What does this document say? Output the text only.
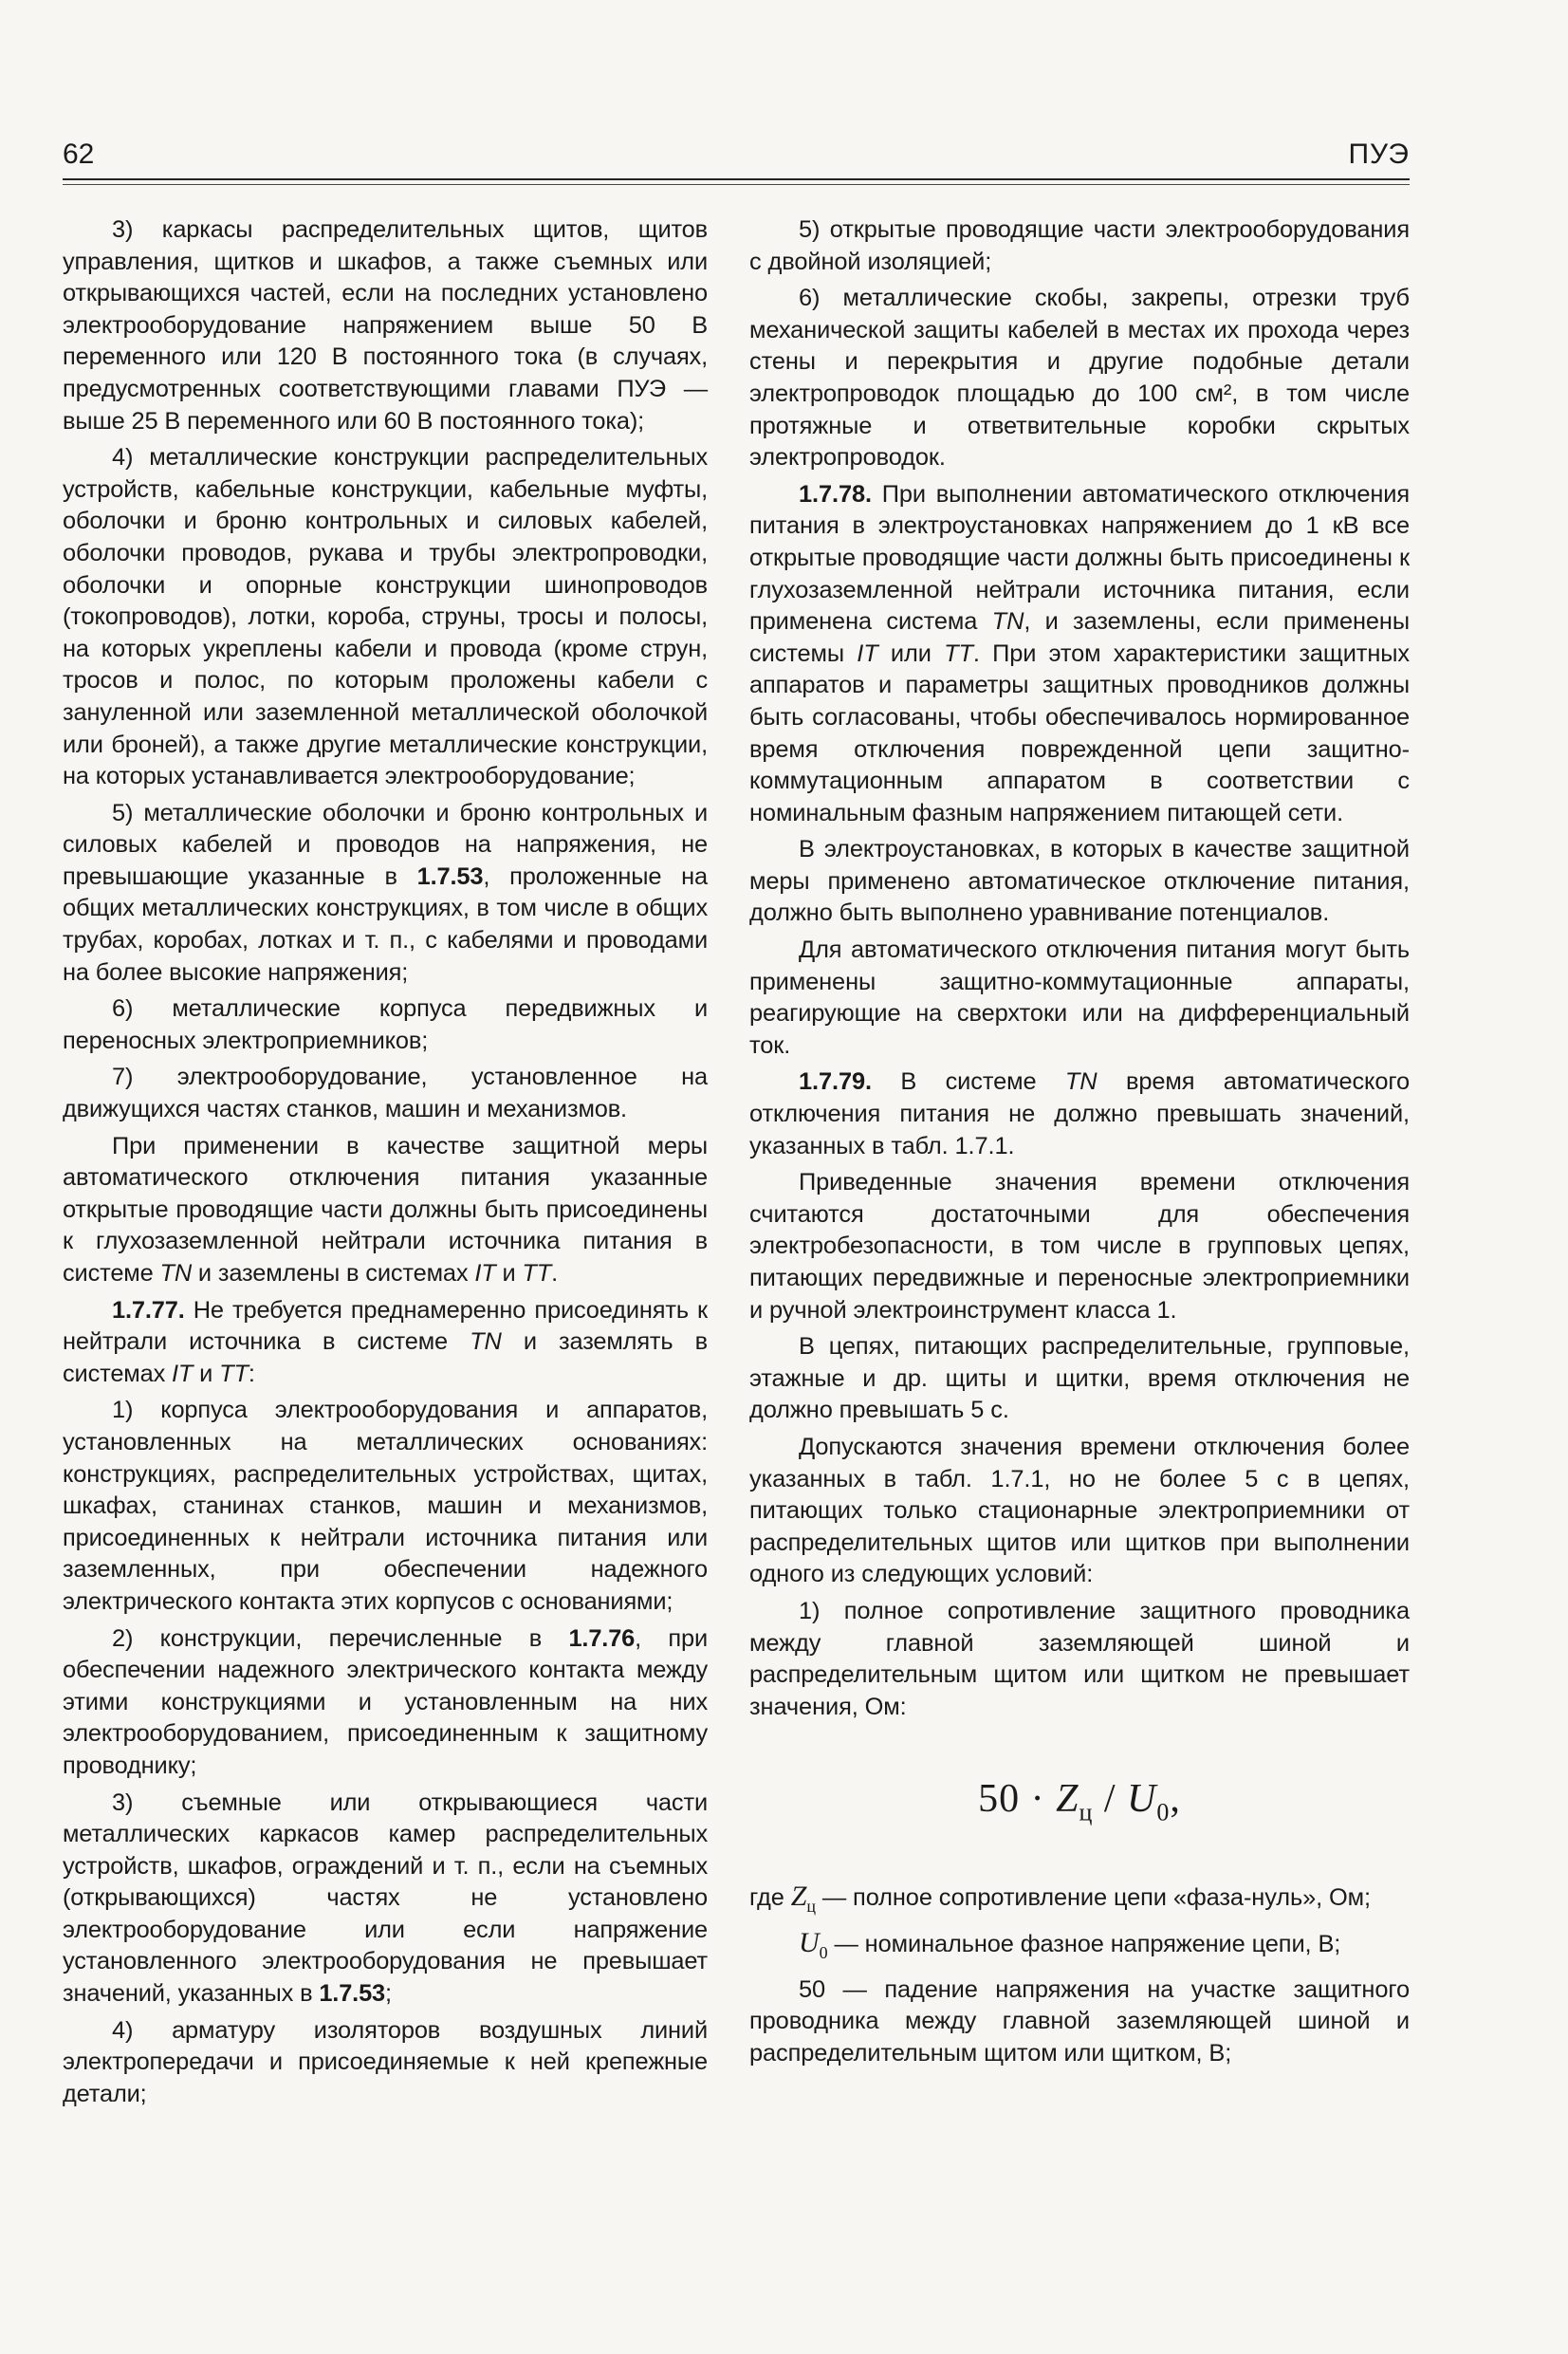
62	ПУЭ

3) каркасы распределительных щитов, щитов управления, щитков и шкафов, а также съемных или открывающихся частей, если на последних установлено электрооборудование напряжением выше 50 В переменного или 120 В постоянного тока (в случаях, предусмотренных соответствующими главами ПУЭ — выше 25 В переменного или 60 В постоянного тока);

4) металлические конструкции распределительных устройств, кабельные конструкции, кабельные муфты, оболочки и броню контрольных и силовых кабелей, оболочки проводов, рукава и трубы электропроводки, оболочки и опорные конструкции шинопроводов (токопроводов), лотки, короба, струны, тросы и полосы, на которых укреплены кабели и провода (кроме струн, тросов и полос, по которым проложены кабели с зануленной или заземленной металлической оболочкой или броней), а также другие металлические конструкции, на которых устанавливается электрооборудование;

5) металлические оболочки и броню контрольных и силовых кабелей и проводов на напряжения, не превышающие указанные в 1.7.53, проложенные на общих металлических конструкциях, в том числе в общих трубах, коробах, лотках и т. п., с кабелями и проводами на более высокие напряжения;

6) металлические корпуса передвижных и переносных электроприемников;

7) электрооборудование, установленное на движущихся частях станков, машин и механизмов.

При применении в качестве защитной меры автоматического отключения питания указанные открытые проводящие части должны быть присоединены к глухозаземленной нейтрали источника питания в системе TN и заземлены в системах IT и TT.

1.7.77. Не требуется преднамеренно присоединять к нейтрали источника в системе TN и заземлять в системах IT и TT:

1) корпуса электрооборудования и аппаратов, установленных на металлических основаниях: конструкциях, распределительных устройствах, щитах, шкафах, станинах станков, машин и механизмов, присоединенных к нейтрали источника питания или заземленных, при обеспечении надежного электрического контакта этих корпусов с основаниями;

2) конструкции, перечисленные в 1.7.76, при обеспечении надежного электрического контакта между этими конструкциями и установленным на них электрооборудованием, присоединенным к защитному проводнику;

3) съемные или открывающиеся части металлических каркасов камер распределительных устройств, шкафов, ограждений и т. п., если на съемных (открывающихся) частях не установлено электрооборудование или если напряжение установленного электрооборудования не превышает значений, указанных в 1.7.53;

4) арматуру изоляторов воздушных линий электропередачи и присоединяемые к ней крепежные детали;

5) открытые проводящие части электрооборудования с двойной изоляцией;

6) металлические скобы, закрепы, отрезки труб механической защиты кабелей в местах их прохода через стены и перекрытия и другие подобные детали электропроводок площадью до 100 см², в том числе протяжные и ответвительные коробки скрытых электропроводок.

1.7.78. При выполнении автоматического отключения питания в электроустановках напряжением до 1 кВ все открытые проводящие части должны быть присоединены к глухозаземленной нейтрали источника питания, если применена система TN, и заземлены, если применены системы IT или TT. При этом характеристики защитных аппаратов и параметры защитных проводников должны быть согласованы, чтобы обеспечивалось нормированное время отключения поврежденной цепи защитно-коммутационным аппаратом в соответствии с номинальным фазным напряжением питающей сети.

В электроустановках, в которых в качестве защитной меры применено автоматическое отключение питания, должно быть выполнено уравнивание потенциалов.

Для автоматического отключения питания могут быть применены защитно-коммутационные аппараты, реагирующие на сверхтоки или на дифференциальный ток.

1.7.79. В системе TN время автоматического отключения питания не должно превышать значений, указанных в табл. 1.7.1.

Приведенные значения времени отключения считаются достаточными для обеспечения электробезопасности, в том числе в групповых цепях, питающих передвижные и переносные электроприемники и ручной электроинструмент класса 1.

В цепях, питающих распределительные, групповые, этажные и др. щиты и щитки, время отключения не должно превышать 5 с.

Допускаются значения времени отключения более указанных в табл. 1.7.1, но не более 5 с в цепях, питающих только стационарные электроприемники от распределительных щитов или щитков при выполнении одного из следующих условий:

1) полное сопротивление защитного проводника между главной заземляющей шиной и распределительным щитом или щитком не превышает значения, Ом:

$50 \cdot Z_ц / U_0$,

где $Z_ц$ — полное сопротивление цепи «фаза-нуль», Ом;

$U_0$ — номинальное фазное напряжение цепи, В;

50 — падение напряжения на участке защитного проводника между главной заземляющей шиной и распределительным щитом или щитком, В;
